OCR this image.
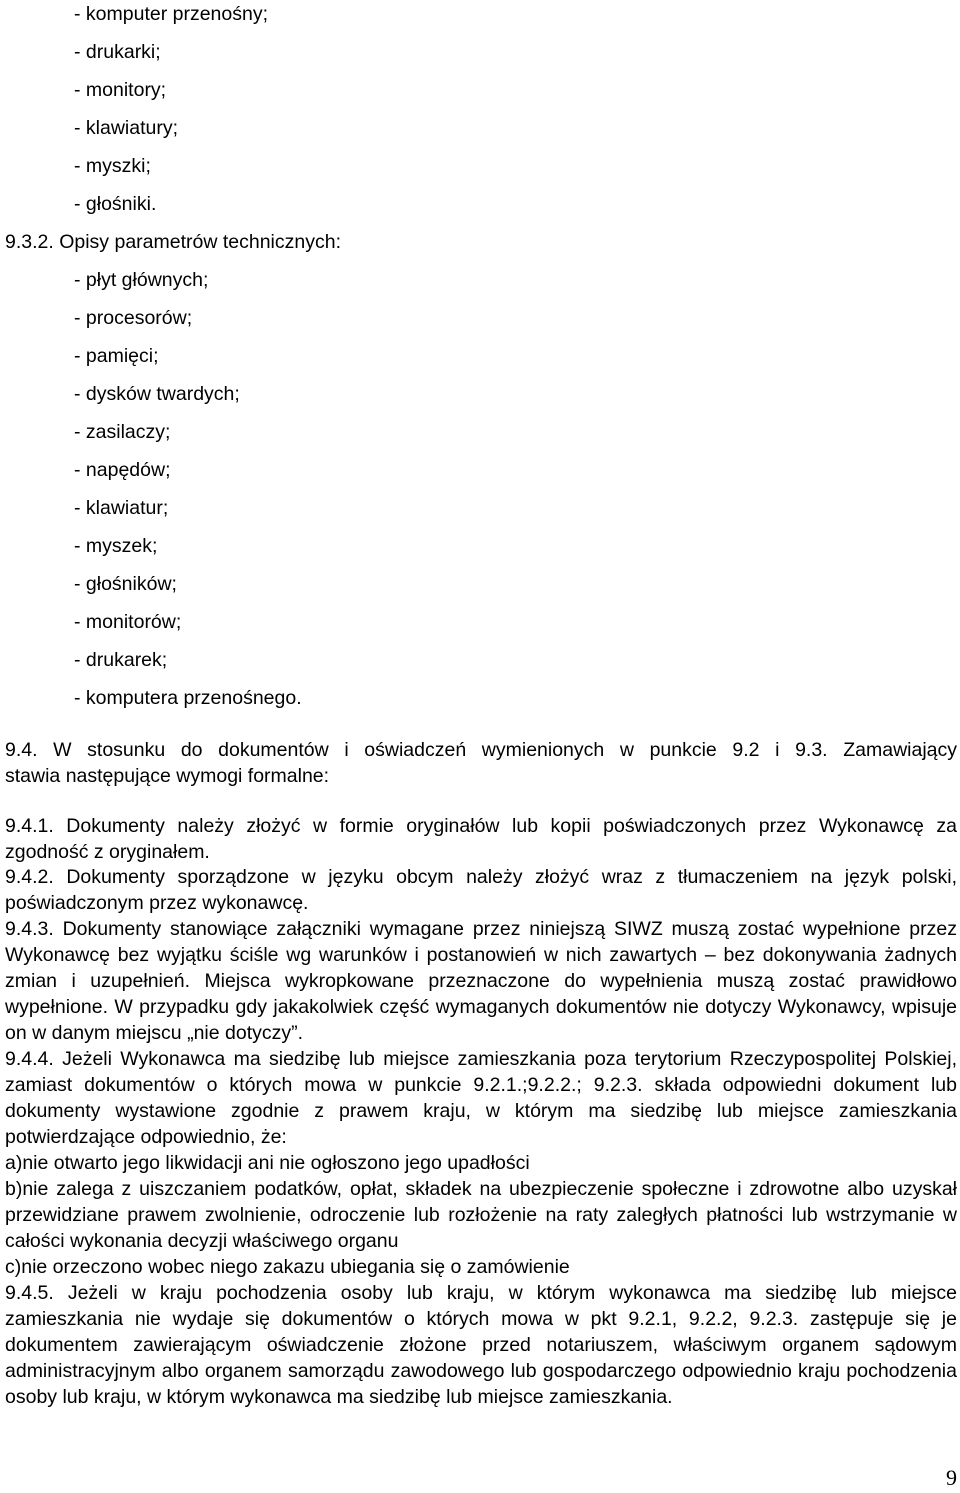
- komputer przenośny;
- drukarki;
- monitory;
- klawiatury;
- myszki;
- głośniki.
9.3.2. Opisy parametrów technicznych:
- płyt głównych;
- procesorów;
- pamięci;
- dysków twardych;
- zasilaczy;
- napędów;
- klawiatur;
- myszek;
- głośników;
- monitorów;
- drukarek;
- komputera przenośnego.
9.4. W stosunku do dokumentów i oświadczeń wymienionych w punkcie 9.2 i 9.3. Zamawiający
stawia następujące wymogi formalne:

9.4.1. Dokumenty należy złożyć w formie oryginałów lub kopii poświadczonych przez Wykonawcę za zgodność z oryginałem.

9.4.2. Dokumenty sporządzone w języku obcym należy złożyć wraz z tłumaczeniem na język polski, poświadczonym przez wykonawcę.

9.4.3. Dokumenty stanowiące załączniki wymagane przez niniejszą SIWZ muszą zostać wypełnione przez Wykonawcę bez wyjątku ściśle wg warunków i postanowień w nich zawartych – bez dokonywania żadnych zmian i uzupełnień. Miejsca wykropkowane przeznaczone do wypełnienia muszą zostać prawidłowo wypełnione. W przypadku gdy jakakolwiek część wymaganych dokumentów nie dotyczy Wykonawcy, wpisuje on w danym miejscu „nie dotyczy”.

9.4.4. Jeżeli Wykonawca ma siedzibę lub miejsce zamieszkania poza terytorium Rzeczypospolitej Polskiej, zamiast dokumentów o których mowa w punkcie 9.2.1.;9.2.2.; 9.2.3. składa odpowiedni dokument lub dokumenty wystawione zgodnie z prawem kraju, w którym ma siedzibę lub miejsce zamieszkania potwierdzające odpowiednio, że:

a)nie otwarto jego likwidacji ani nie ogłoszono jego upadłości

b)nie zalega z uiszczaniem podatków, opłat, składek na ubezpieczenie społeczne i zdrowotne albo uzyskał przewidziane prawem zwolnienie, odroczenie lub rozłożenie na raty zaległych płatności lub wstrzymanie w całości wykonania decyzji właściwego organu

c)nie orzeczono wobec niego zakazu ubiegania się o zamówienie

9.4.5. Jeżeli w kraju pochodzenia osoby lub kraju, w którym wykonawca ma siedzibę lub miejsce zamieszkania nie wydaje się dokumentów o których mowa w pkt 9.2.1, 9.2.2, 9.2.3. zastępuje się je dokumentem zawierającym oświadczenie złożone przed notariuszem, właściwym organem sądowym administracyjnym albo organem samorządu zawodowego lub gospodarczego odpowiednio kraju pochodzenia osoby lub kraju, w którym wykonawca ma siedzibę lub miejsce zamieszkania.

9
